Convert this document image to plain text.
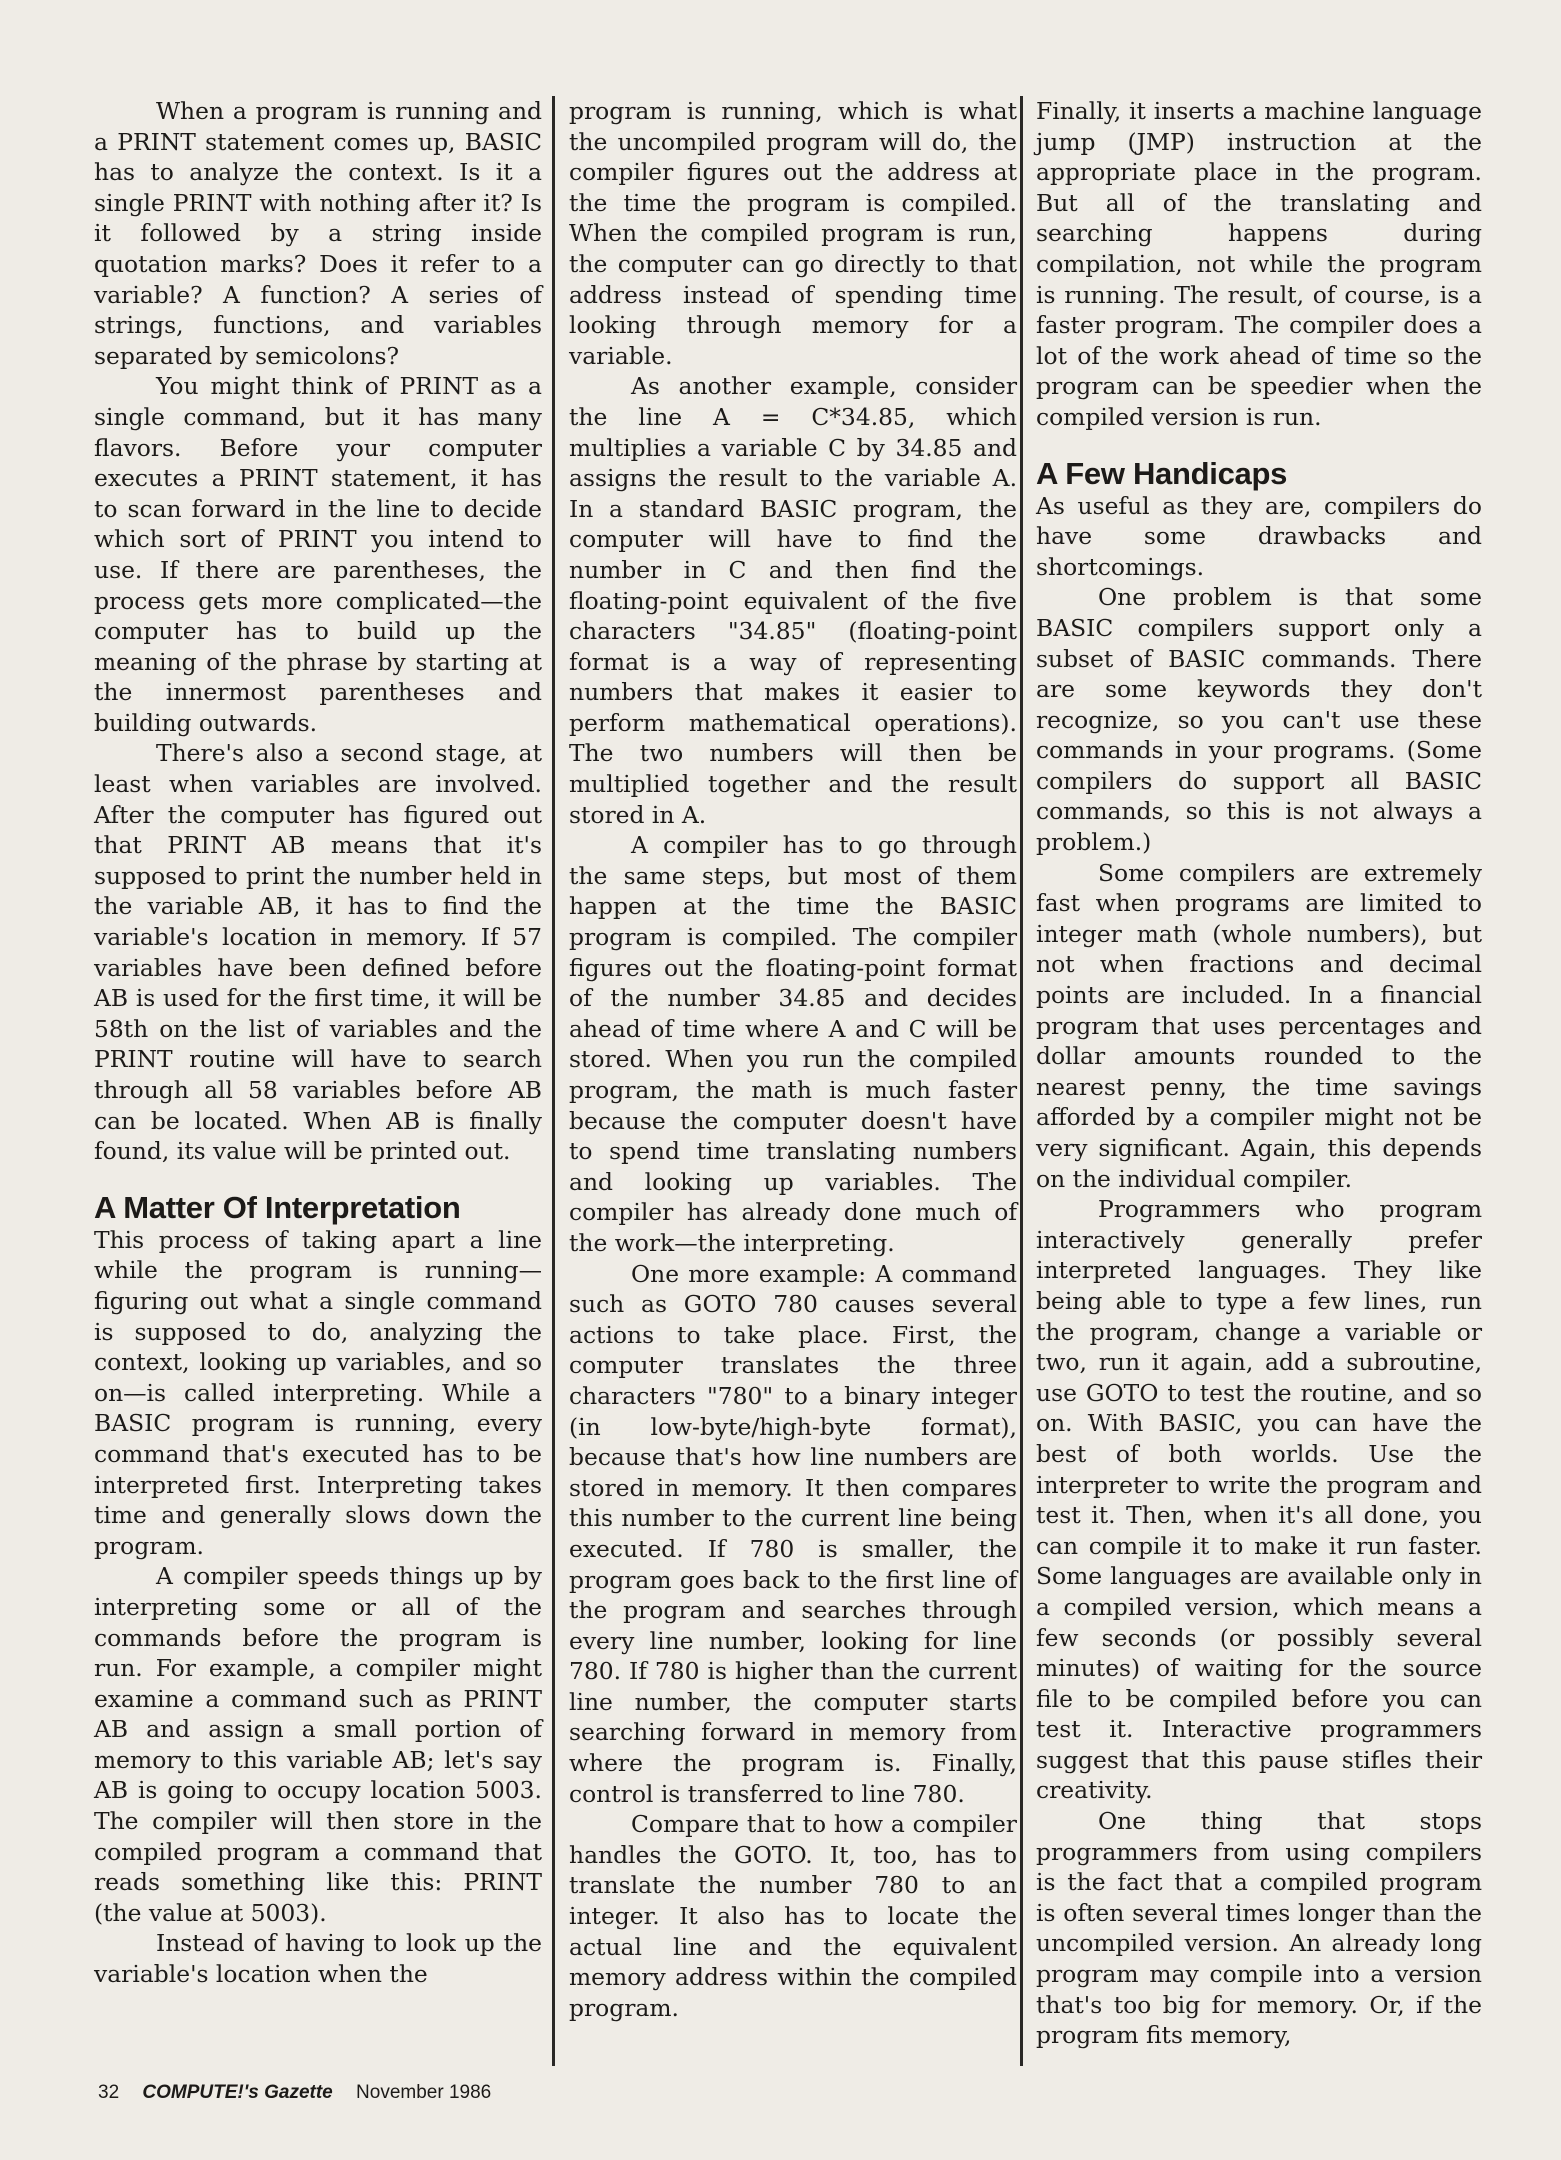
When a program is running and a PRINT statement comes up, BASIC has to analyze the context. Is it a single PRINT with nothing after it? Is it followed by a string inside quotation marks? Does it refer to a variable? A function? A series of strings, functions, and variables separated by semicolons?

You might think of PRINT as a single command, but it has many flavors. Before your computer executes a PRINT statement, it has to scan forward in the line to decide which sort of PRINT you intend to use. If there are parentheses, the process gets more complicated—the computer has to build up the meaning of the phrase by starting at the innermost parentheses and building outwards.

There's also a second stage, at least when variables are involved. After the computer has figured out that PRINT AB means that it's supposed to print the number held in the variable AB, it has to find the variable's location in memory. If 57 variables have been defined before AB is used for the first time, it will be 58th on the list of variables and the PRINT routine will have to search through all 58 variables before AB can be located. When AB is finally found, its value will be printed out.

A Matter Of Interpretation

This process of taking apart a line while the program is running—figuring out what a single command is supposed to do, analyzing the context, looking up variables, and so on—is called interpreting. While a BASIC program is running, every command that's executed has to be interpreted first. Interpreting takes time and generally slows down the program.

A compiler speeds things up by interpreting some or all of the commands before the program is run. For example, a compiler might examine a command such as PRINT AB and assign a small portion of memory to this variable AB; let's say AB is going to occupy location 5003. The compiler will then store in the compiled program a command that reads something like this: PRINT (the value at 5003).

Instead of having to look up the variable's location when the

program is running, which is what the uncompiled program will do, the compiler figures out the address at the time the program is compiled. When the compiled program is run, the computer can go directly to that address instead of spending time looking through memory for a variable.

As another example, consider the line A = C*34.85, which multiplies a variable C by 34.85 and assigns the result to the variable A. In a standard BASIC program, the computer will have to find the number in C and then find the floating-point equivalent of the five characters "34.85" (floating-point format is a way of representing numbers that makes it easier to perform mathematical operations). The two numbers will then be multiplied together and the result stored in A.

A compiler has to go through the same steps, but most of them happen at the time the BASIC program is compiled. The compiler figures out the floating-point format of the number 34.85 and decides ahead of time where A and C will be stored. When you run the compiled program, the math is much faster because the computer doesn't have to spend time translating numbers and looking up variables. The compiler has already done much of the work—the interpreting.

One more example: A command such as GOTO 780 causes several actions to take place. First, the computer translates the three characters "780" to a binary integer (in low-byte/high-byte format), because that's how line numbers are stored in memory. It then compares this number to the current line being executed. If 780 is smaller, the program goes back to the first line of the program and searches through every line number, looking for line 780. If 780 is higher than the current line number, the computer starts searching forward in memory from where the program is. Finally, control is transferred to line 780.

Compare that to how a compiler handles the GOTO. It, too, has to translate the number 780 to an integer. It also has to locate the actual line and the equivalent memory address within the compiled program.

Finally, it inserts a machine language jump (JMP) instruction at the appropriate place in the program. But all of the translating and searching happens during compilation, not while the program is running. The result, of course, is a faster program. The compiler does a lot of the work ahead of time so the program can be speedier when the compiled version is run.

A Few Handicaps

As useful as they are, compilers do have some drawbacks and shortcomings.

One problem is that some BASIC compilers support only a subset of BASIC commands. There are some keywords they don't recognize, so you can't use these commands in your programs. (Some compilers do support all BASIC commands, so this is not always a problem.)

Some compilers are extremely fast when programs are limited to integer math (whole numbers), but not when fractions and decimal points are included. In a financial program that uses percentages and dollar amounts rounded to the nearest penny, the time savings afforded by a compiler might not be very significant. Again, this depends on the individual compiler.

Programmers who program interactively generally prefer interpreted languages. They like being able to type a few lines, run the program, change a variable or two, run it again, add a subroutine, use GOTO to test the routine, and so on. With BASIC, you can have the best of both worlds. Use the interpreter to write the program and test it. Then, when it's all done, you can compile it to make it run faster. Some languages are available only in a compiled version, which means a few seconds (or possibly several minutes) of waiting for the source file to be compiled before you can test it. Interactive programmers suggest that this pause stifles their creativity.

One thing that stops programmers from using compilers is the fact that a compiled program is often several times longer than the uncompiled version. An already long program may compile into a version that's too big for memory. Or, if the program fits memory,

32 COMPUTE!'s Gazette November 1986
